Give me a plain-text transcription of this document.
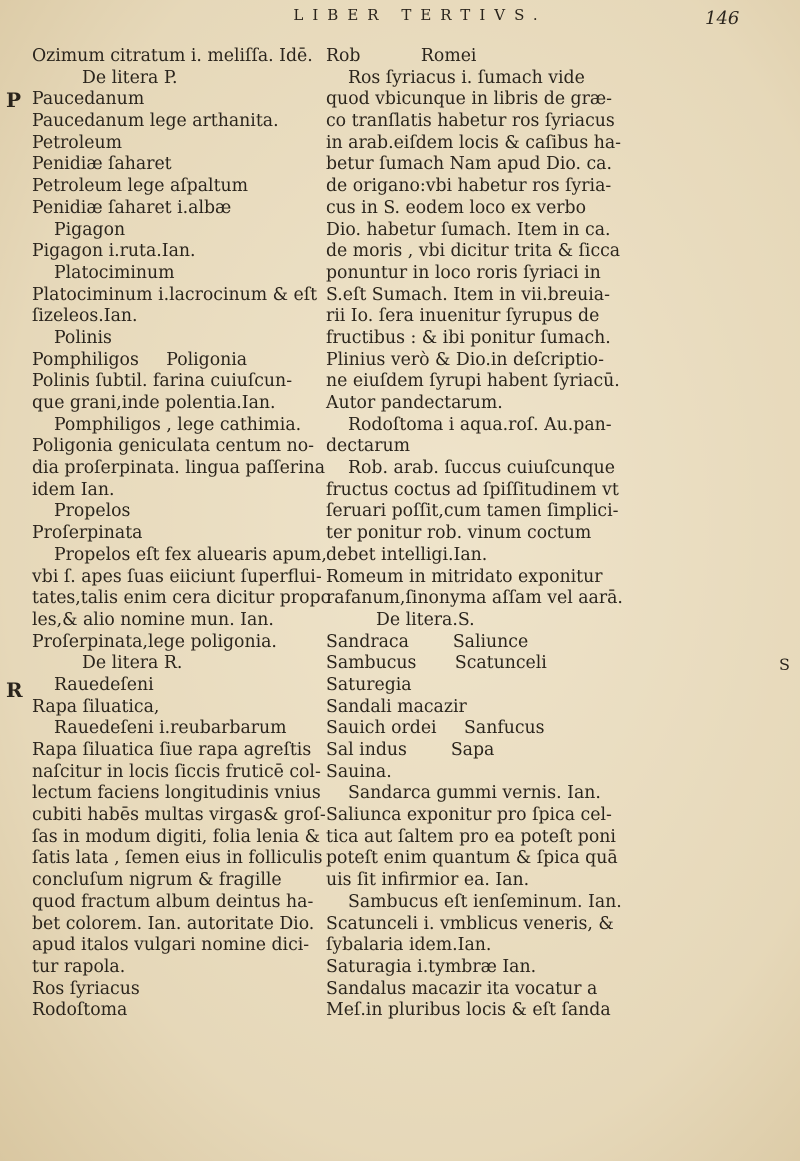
LIBER TERTIVS.	146
P
R
S
Ozimum citratum i. meliſſa. Idē.
De litera P.
Paucedanum
Paucedanum lege arthanita.
Petroleum
Penidiæ ſaharet
Petroleum lege aſpaltum
Penidiæ ſaharet i.albæ
Pigagon
Pigagon i.ruta.Ian.
Platociminum
Platociminum i.lacrocinum & eſt
ſizeleos.Ian.
Polinis
Pomphiligos     Poligonia
Polinis ſubtil. farina cuiuſcun-
que grani,inde polentia.Ian.
Pomphiligos , lege cathimia.
Poligonia geniculata centum no-
dia proſerpinata. lingua paſſerina
idem Ian.
Propelos
Proſerpinata
Propelos eſt fex aluearis apum,
vbi ſ. apes ſuas eiiciunt ſuperflui-
tates,talis enim cera dicitur propo
les,& alio nomine mun. Ian.
Proſerpinata,lege poligonia.
De litera R.
Rauedeſeni
Rapa ſiluatica,
Rauedeſeni i.reubarbarum
Rapa ſiluatica ſiue rapa agreſtis
naſcitur in locis ſiccis fruticē col-
lectum faciens longitudinis vnius
cubiti habēs multas virgas& groſ-
ſas in modum digiti, folia lenia &
ſatis lata , ſemen eius in folliculis
concluſum nigrum & fragille
quod fractum album deintus ha-
bet colorem. Ian. autoritate Dio.
apud italos vulgari nomine dici-
tur rapola.
Ros ſyriacus
Rodoſtoma
Rob           Romei
Ros ſyriacus i. ſumach vide
quod vbicunque in libris de græ-
co tranſlatis habetur ros ſyriacus
in arab.eiſdem locis & caſibus ha-
betur ſumach Nam apud Dio. ca.
de origano:vbi habetur ros ſyria-
cus in S. eodem loco ex verbo
Dio. habetur ſumach. Item in ca.
de moris , vbi dicitur trita & ſicca
ponuntur in loco roris ſyriaci in
S.eſt Sumach. Item in vii.breuia-
rii Io. ſera inuenitur ſyrupus de
fructibus : & ibi ponitur ſumach.
Plinius verò & Dio.in deſcriptio-
ne eiuſdem ſyrupi habent ſyriacū.
Autor pandectarum.
Rodoſtoma i aqua.roſ. Au.pan-
dectarum
Rob. arab. ſuccus cuiuſcunque
fructus coctus ad ſpiſſitudinem vt
ſeruari poſſit,cum tamen ſimplici-
ter ponitur rob. vinum coctum
debet intelligi.Ian.
Romeum in mitridato exponitur
rafanum,ſinonyma aſſam vel aarā.
De litera.S.
Sandraca        Saliunce
Sambucus       Scatunceli
Saturegia
Sandali macazir
Sauich ordei     Sanfucus
Sal indus        Sapa
Sauina.
Sandarca gummi vernis. Ian.
Saliunca exponitur pro ſpica cel-
tica aut ſaltem pro ea poteſt poni
poteſt enim quantum & ſpica quā
uis ſit infirmior ea. Ian.
Sambucus eſt ienſeminum. Ian.
Scatunceli i. vmblicus veneris, &
ſybalaria idem.Ian.
Saturagia i.tymbræ Ian.
Sandalus macazir ita vocatur a
Meſ.in pluribus locis & eſt ſanda
